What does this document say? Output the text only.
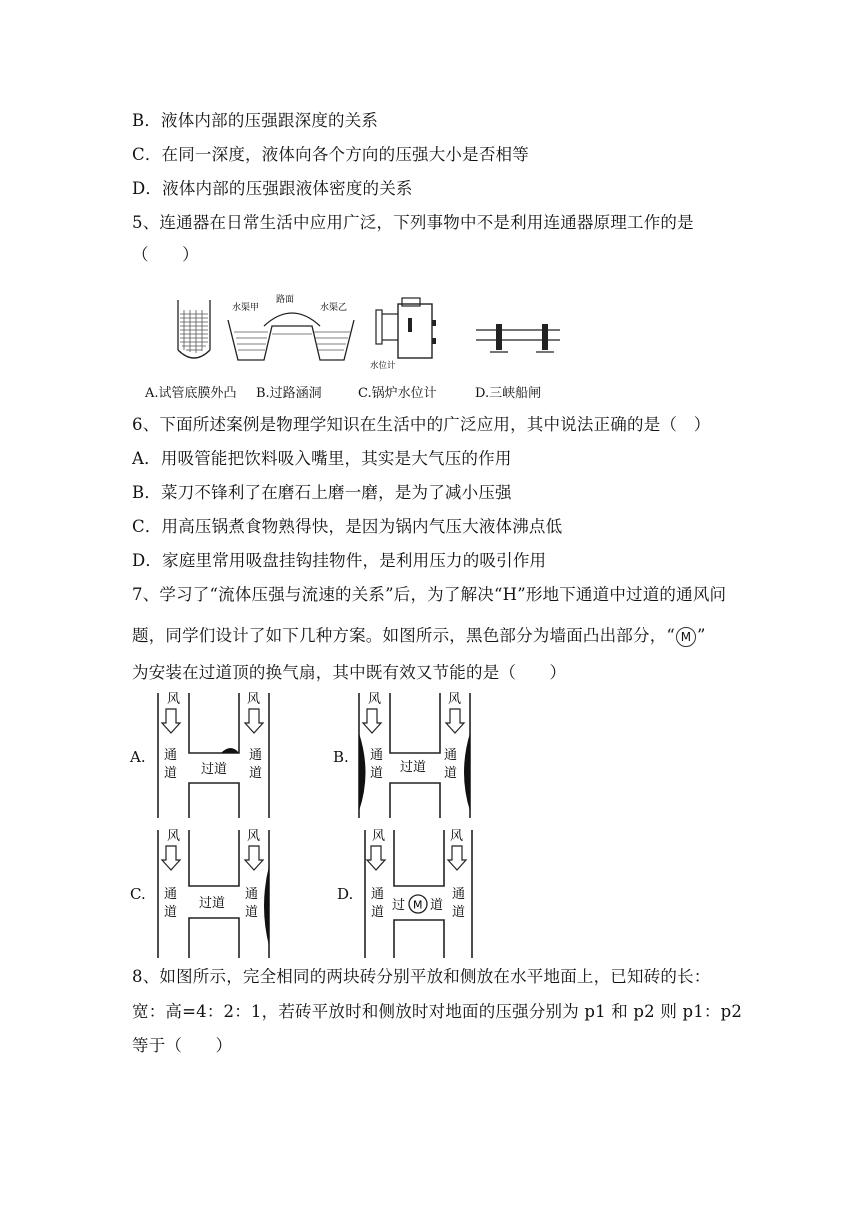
B．液体内部的压强跟深度的关系
C．在同一深度，液体向各个方向的压强大小是否相等
D．液体内部的压强跟液体密度的关系
5、连通器在日常生活中应用广泛，下列事物中不是利用连通器原理工作的是
（　　）
水渠甲
路面
水渠乙
水位计
A.试管底膜外凸 B.过路涵洞	C.锅炉水位计	D.三峡船闸
6、下面所述案例是物理学知识在生活中的广泛应用，其中说法正确的是（　）
A．用吸管能把饮料吸入嘴里，其实是大气压的作用
B．菜刀不锋利了在磨石上磨一磨，是为了减小压强
C．用高压锅煮食物熟得快，是因为锅内气压大液体沸点低
D．家庭里常用吸盘挂钩挂物件，是利用压力的吸引作用
7、学习了“流体压强与流速的关系”后，为了解决“H”形地下通道中过道的通风问
题，同学们设计了如下几种方案。如图所示，黑色部分为墙面凸出部分，“ M ”
为安装在过道顶的换气扇，其中既有效又节能的是（　　）
A.	B.
C.	D.
风	风
通
道
通
道
过道
风	风
通
道
通
道
过道
风	风
通
道
通
道
过道
风	风
通
道
通
道
过 M 道
8、如图所示，完全相同的两块砖分别平放和侧放在水平地面上，已知砖的长：
宽：高=4：2：1，若砖平放时和侧放时对地面的压强分别为 p1 和 p2 则 p1：p2
等于（　　）
